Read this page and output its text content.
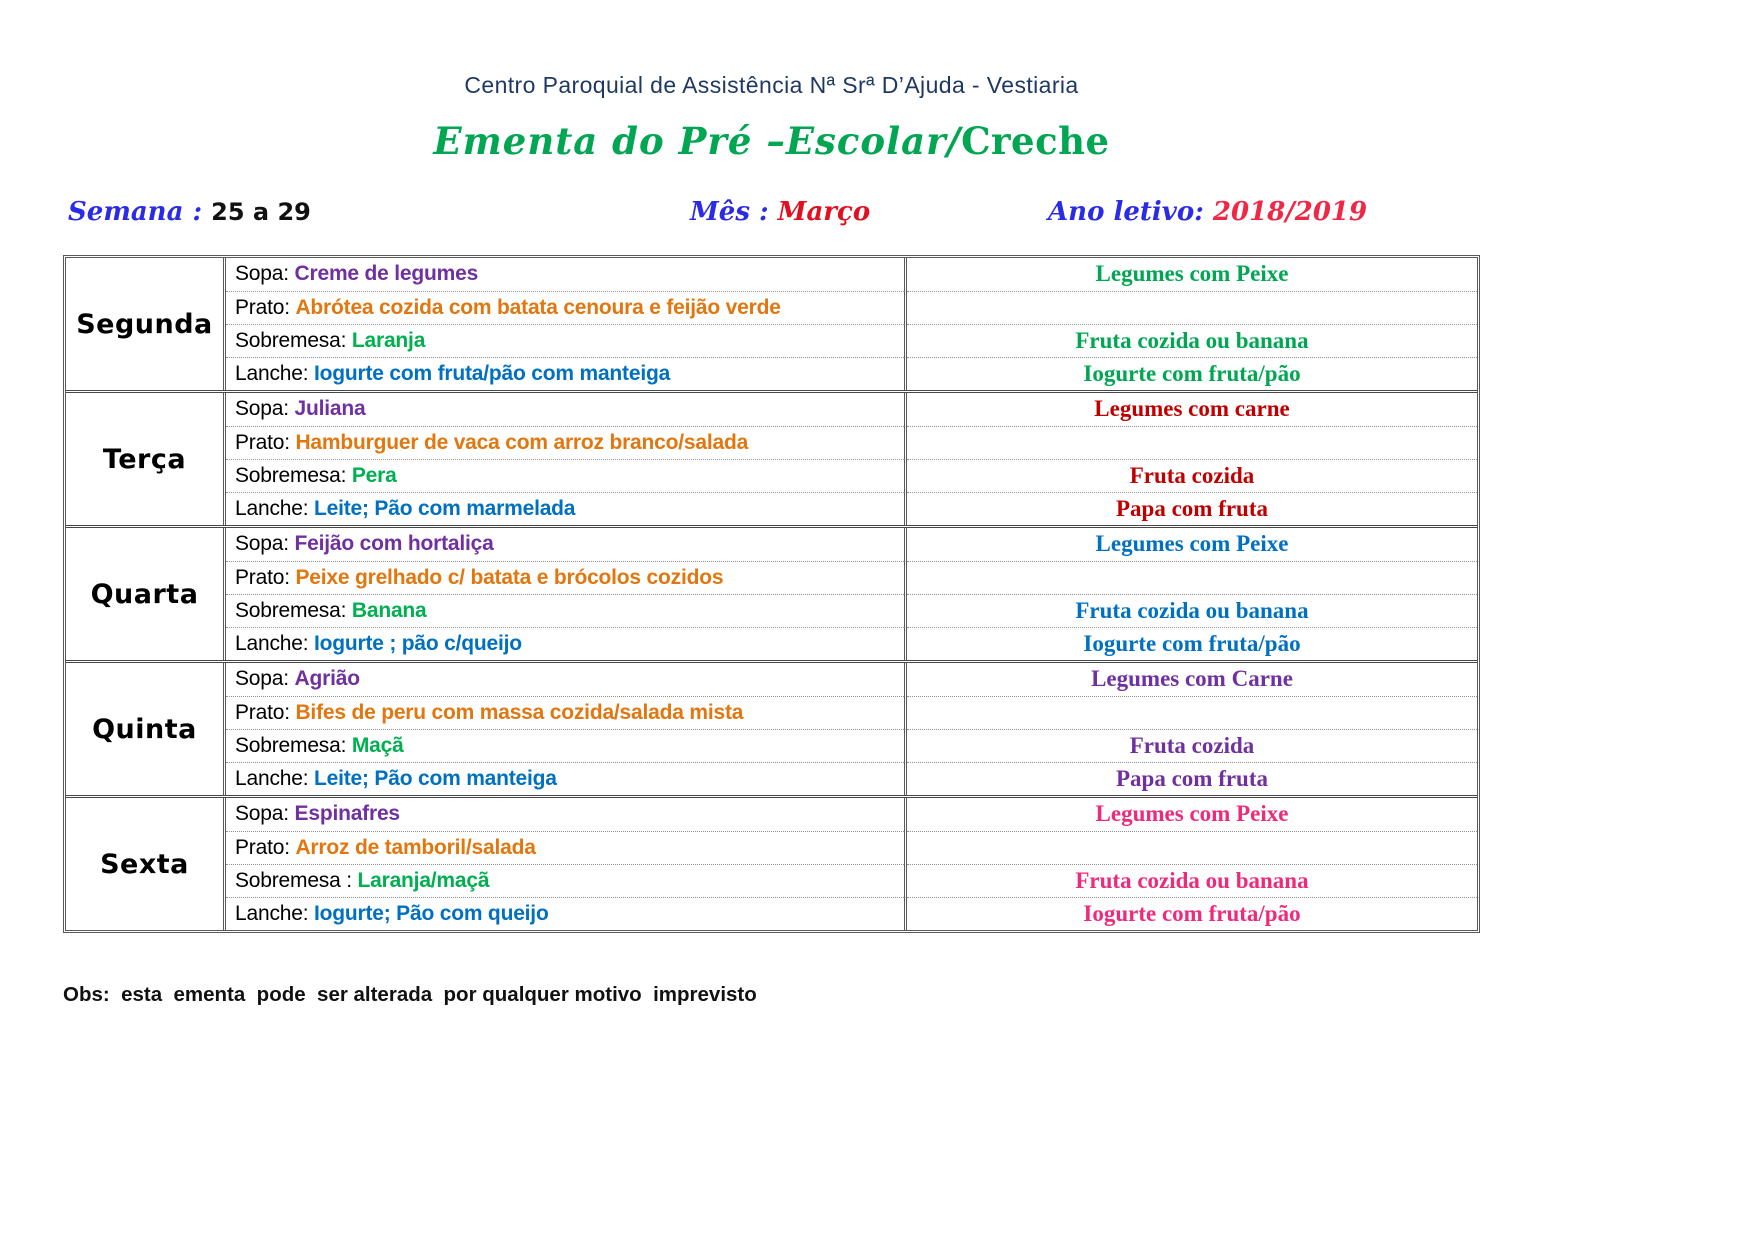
Centro Paroquial de Assistência Nª Srª D’Ajuda - Vestiaria
Ementa do Pré –Escolar/Creche
Semana : 25 a 29	Mês : Março	Ano letivo: 2018/2019
Segunda
Sopa: Creme de legumes
Prato: Abrótea cozida com batata cenoura e feijão verde
Sobremesa: Laranja
Lanche: Iogurte com fruta/pão com manteiga
Legumes com Peixe
Fruta cozida ou banana
Iogurte com fruta/pão
Terça
Sopa: Juliana
Prato: Hamburguer de vaca com arroz branco/salada
Sobremesa: Pera
Lanche: Leite; Pão com marmelada
Legumes com carne
Fruta cozida
Papa com fruta
Quarta
Sopa: Feijão com hortaliça
Prato: Peixe grelhado c/ batata e brócolos cozidos
Sobremesa: Banana
Lanche: Iogurte ; pão c/queijo
Legumes com Peixe
Fruta cozida ou banana
Iogurte com fruta/pão
Quinta
Sopa: Agrião
Prato: Bifes de peru com massa cozida/salada mista
Sobremesa: Maçã
Lanche: Leite; Pão com manteiga
Legumes com Carne
Fruta cozida
Papa com fruta
Sexta
Sopa: Espinafres
Prato: Arroz de tamboril/salada
Sobremesa : Laranja/maçã
Lanche: Iogurte; Pão com queijo
Legumes com Peixe
Fruta cozida ou banana
Iogurte com fruta/pão
Obs:  esta  ementa  pode  ser alterada  por qualquer motivo  imprevisto
